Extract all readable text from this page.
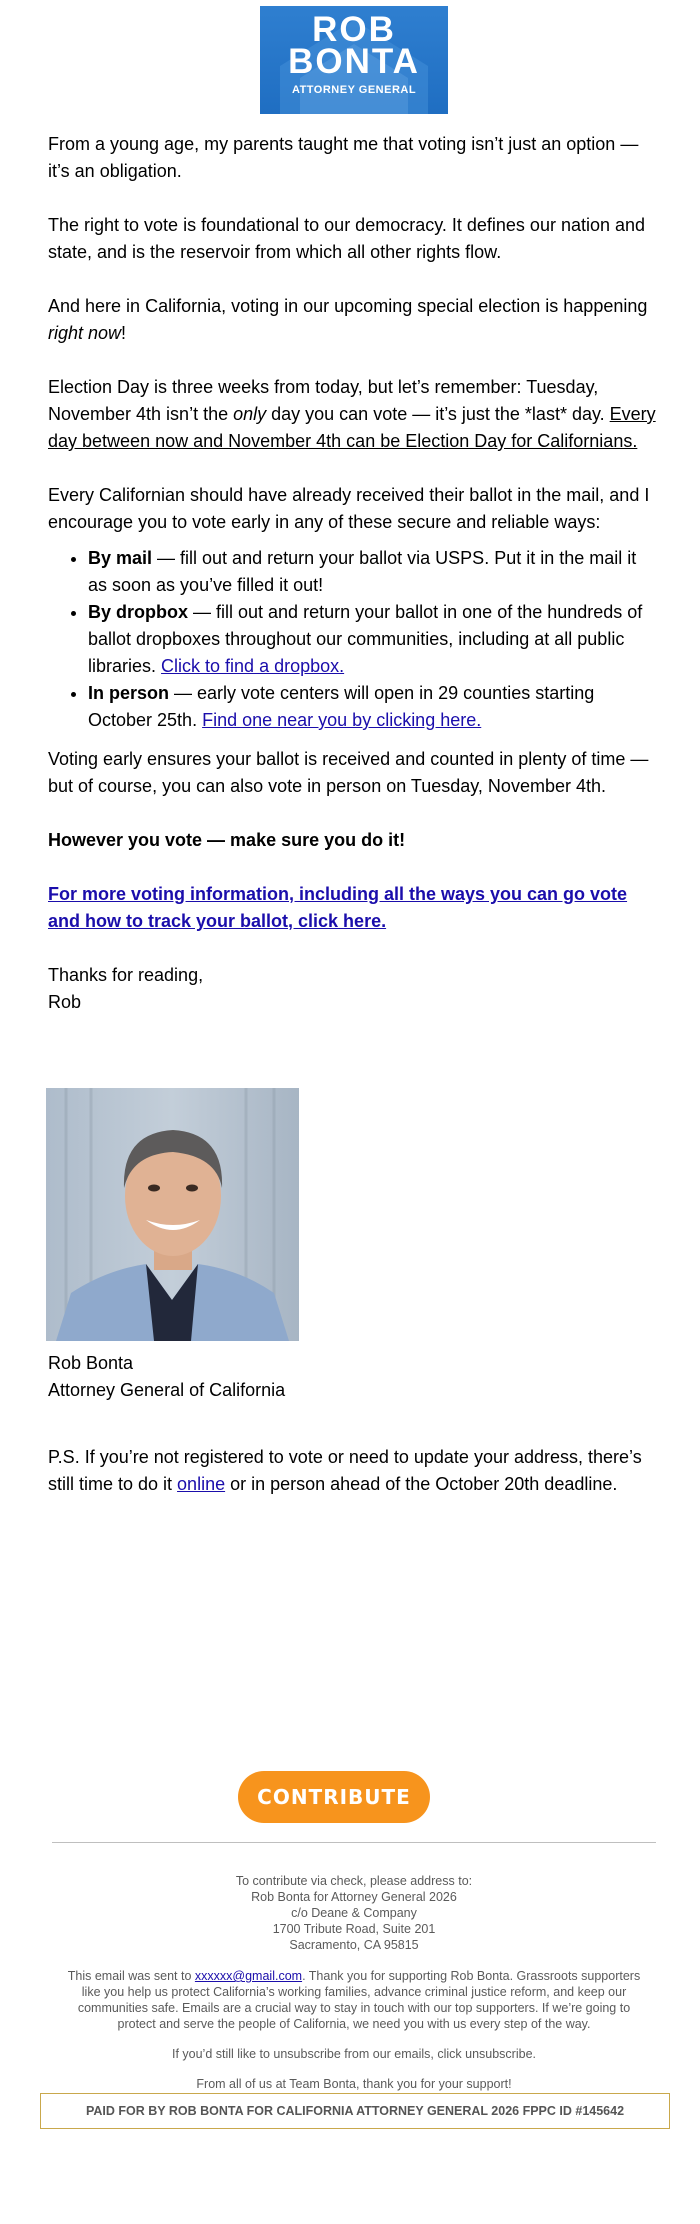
ROB
BONTA
ATTORNEY GENERAL

From a young age, my parents taught me that voting isn’t just an option — it’s an obligation.

The right to vote is foundational to our democracy. It defines our nation and state, and is the reservoir from which all other rights flow.

And here in California, voting in our upcoming special election is happening right now!

Election Day is three weeks from today, but let’s remember: Tuesday, November 4th isn’t the only day you can vote — it’s just the *last* day. Every day between now and November 4th can be Election Day for Californians.

Every Californian should have already received their ballot in the mail, and I encourage you to vote early in any of these secure and reliable ways:

• By mail — fill out and return your ballot via USPS. Put it in the mail it as soon as you’ve filled it out!
• By dropbox — fill out and return your ballot in one of the hundreds of ballot dropboxes throughout our communities, including at all public libraries. Click to find a dropbox.
• In person — early vote centers will open in 29 counties starting October 25th. Find one near you by clicking here.

Voting early ensures your ballot is received and counted in plenty of time — but of course, you can also vote in person on Tuesday, November 4th.

However you vote — make sure you do it!

For more voting information, including all the ways you can go vote and how to track your ballot, click here.

Thanks for reading,
Rob

Rob Bonta
Attorney General of California
P.S. If you’re not registered to vote or need to update your address, there’s still time to do it online or in person ahead of the October 20th deadline.
CONTRIBUTE
To contribute via check, please address to:
Rob Bonta for Attorney General 2026
c/o Deane & Company
1700 Tribute Road, Suite 201
Sacramento, CA 95815
This email was sent to xxxxxx@gmail.com. Thank you for supporting Rob Bonta. Grassroots supporters like you help us protect California’s working families, advance criminal justice reform, and keep our communities safe. Emails are a crucial way to stay in touch with our top supporters. If we’re going to protect and serve the people of California, we need you with us every step of the way.
If you’d still like to unsubscribe from our emails, click unsubscribe.
From all of us at Team Bonta, thank you for your support!
PAID FOR BY ROB BONTA FOR CALIFORNIA ATTORNEY GENERAL 2026 FPPC ID #145642
